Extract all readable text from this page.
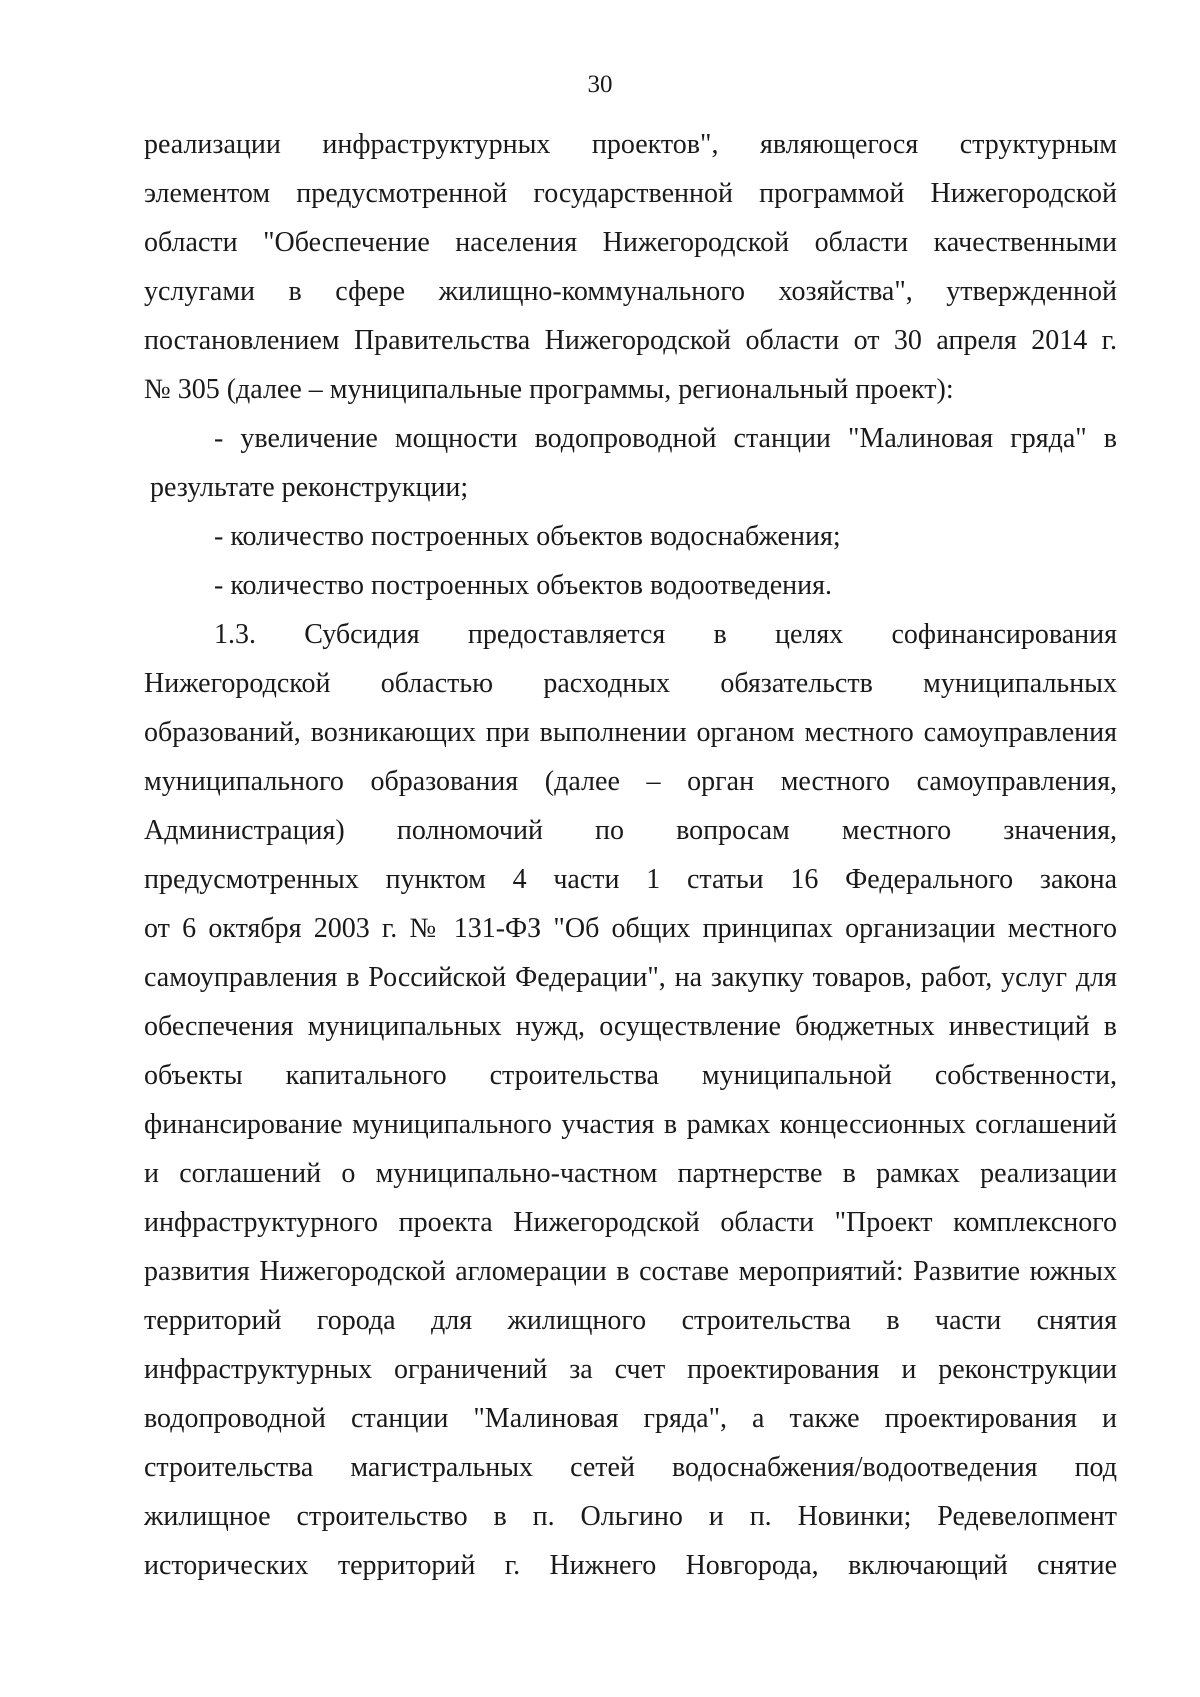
30
реализации инфраструктурных проектов", являющегося структурным
элементом предусмотренной государственной программой Нижегородской
области "Обеспечение населения Нижегородской области качественными
услугами в сфере жилищно-коммунального хозяйства", утвержденной
постановлением Правительства Нижегородской области от 30 апреля 2014 г.
№ 305 (далее – муниципальные программы, региональный проект):
- увеличение мощности водопроводной станции "Малиновая гряда" в
результате реконструкции;
- количество построенных объектов водоснабжения;
- количество построенных объектов водоотведения.
1.3. Субсидия предоставляется в целях софинансирования
Нижегородской областью расходных обязательств муниципальных
образований, возникающих при выполнении органом местного самоуправления
муниципального образования (далее – орган местного самоуправления,
Администрация) полномочий по вопросам местного значения,
предусмотренных пунктом 4 части 1 статьи 16 Федерального закона
от 6 октября 2003 г. № 131-ФЗ "Об общих принципах организации местного
самоуправления в Российской Федерации", на закупку товаров, работ, услуг для
обеспечения муниципальных нужд, осуществление бюджетных инвестиций в
объекты капитального строительства муниципальной собственности,
финансирование муниципального участия в рамках концессионных соглашений
и соглашений о муниципально-частном партнерстве в рамках реализации
инфраструктурного проекта Нижегородской области "Проект комплексного
развития Нижегородской агломерации в составе мероприятий: Развитие южных
территорий города для жилищного строительства в части снятия
инфраструктурных ограничений за счет проектирования и реконструкции
водопроводной станции "Малиновая гряда", а также проектирования и
строительства магистральных сетей водоснабжения/водоотведения под
жилищное строительство в п. Ольгино и п. Новинки; Редевелопмент
исторических территорий г. Нижнего Новгорода, включающий снятие
